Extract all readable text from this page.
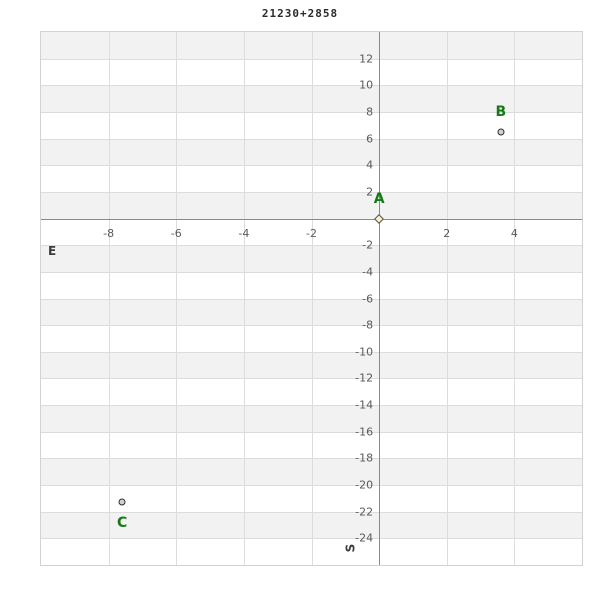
21230+2858
E
S
-8	-6	-4	-2	2	4
12
10
8
6
4
2
-2
-4
-6
-8
-10
-12
-14
-16
-18
-20
-22
-24
A
B
C
